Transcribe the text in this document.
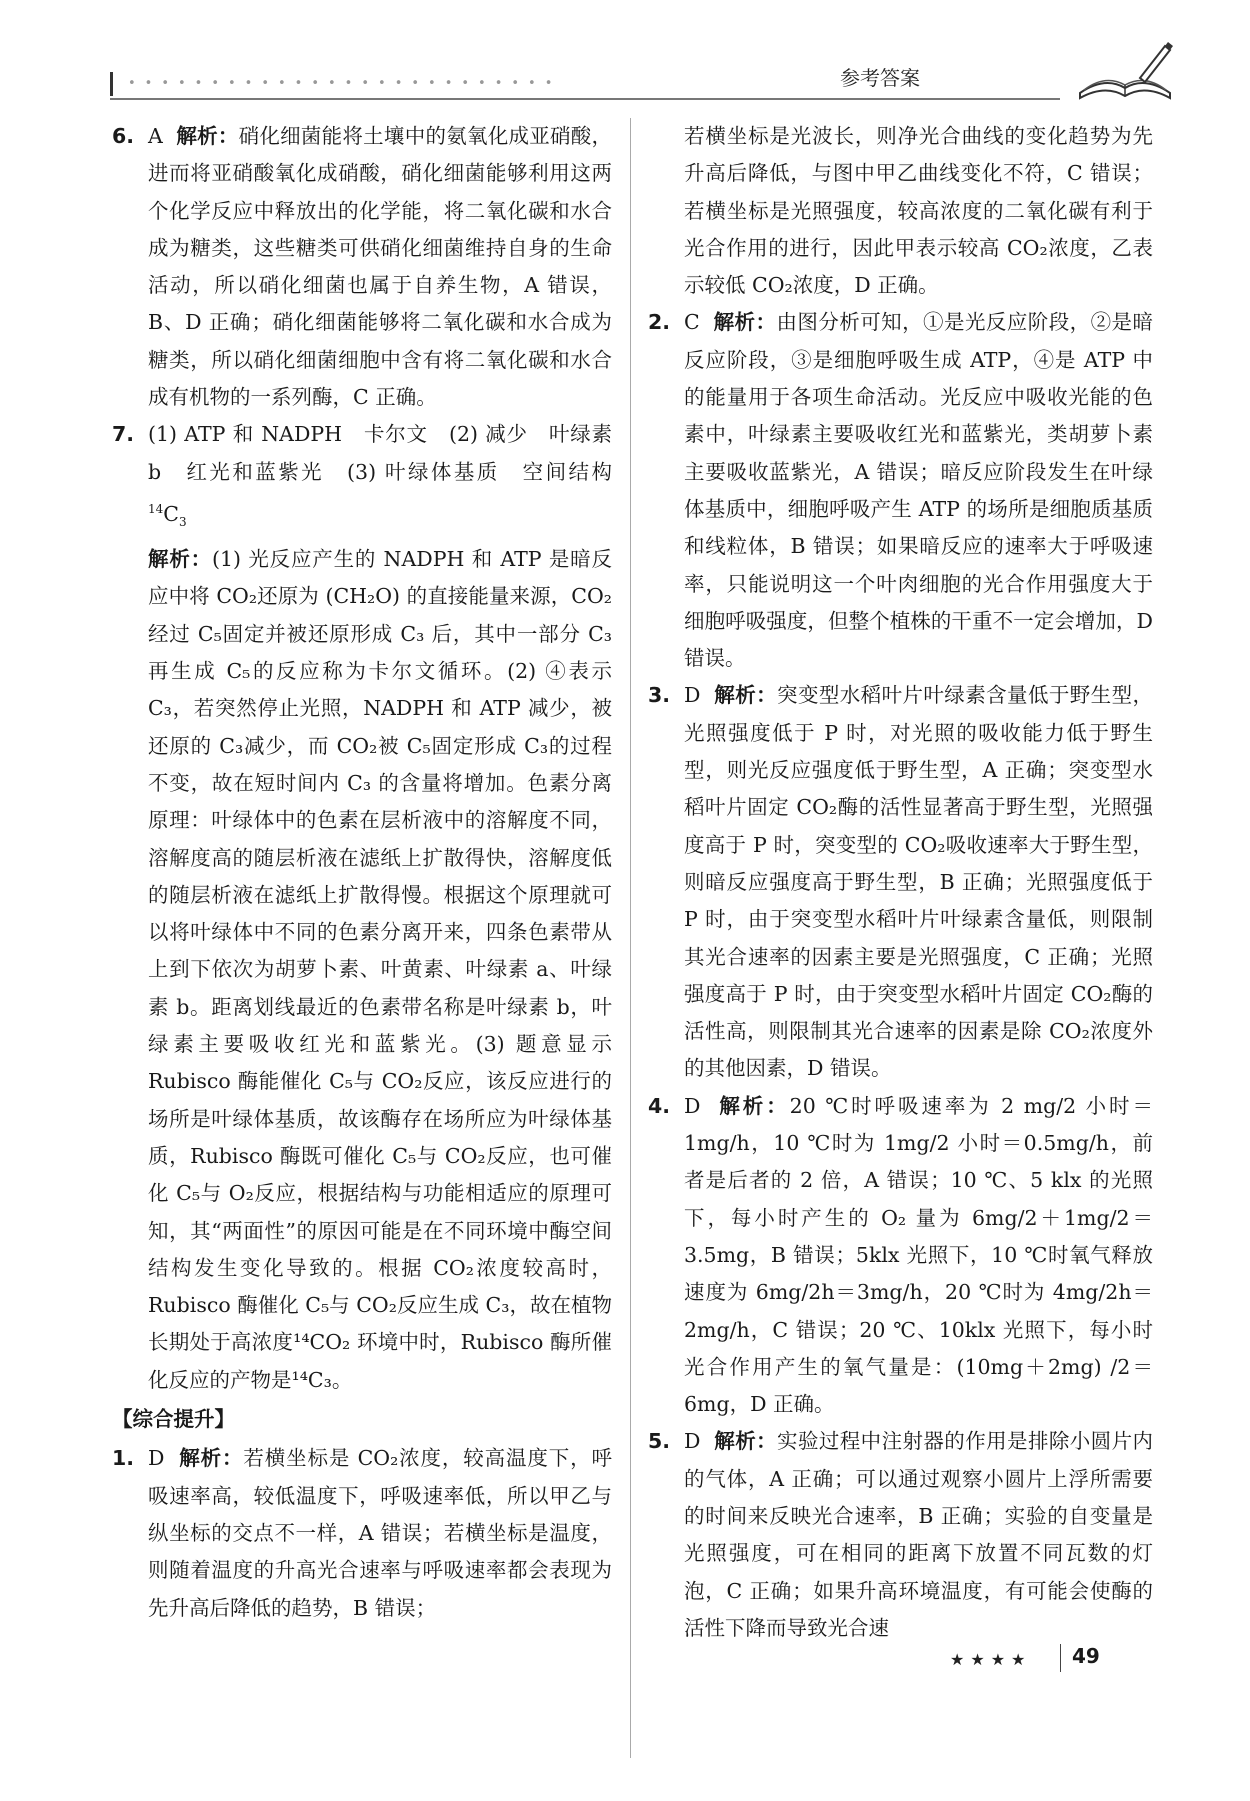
••••••••••••••••••••••••••	参考答案
6. A 解析：硝化细菌能将土壤中的氨氧化成亚硝酸，进而将亚硝酸氧化成硝酸，硝化细菌能够利用这两个化学反应中释放出的化学能，将二氧化碳和水合成为糖类，这些糖类可供硝化细菌维持自身的生命活动，所以硝化细菌也属于自养生物，A 错误，B、D 正确；硝化细菌能够将二氧化碳和水合成为糖类，所以硝化细菌细胞中含有将二氧化碳和水合成有机物的一系列酶，C 正确。

7. (1) ATP 和 NADPH　卡尔文　(2) 减少　叶绿素 b　红光和蓝紫光　(3) 叶绿体基质　空间结构　$^{14}C_3$

解析：(1) 光反应产生的 NADPH 和 ATP 是暗反应中将 CO₂还原为 (CH₂O) 的直接能量来源，CO₂经过 C₅固定并被还原形成 C₃ 后，其中一部分 C₃ 再生成 C₅的反应称为卡尔文循环。(2) ④表示 C₃，若突然停止光照，NADPH 和 ATP 减少，被还原的 C₃减少，而 CO₂被 C₅固定形成 C₃的过程不变，故在短时间内 C₃ 的含量将增加。色素分离原理：叶绿体中的色素在层析液中的溶解度不同，溶解度高的随层析液在滤纸上扩散得快，溶解度低的随层析液在滤纸上扩散得慢。根据这个原理就可以将叶绿体中不同的色素分离开来，四条色素带从上到下依次为胡萝卜素、叶黄素、叶绿素 a、叶绿素 b。距离划线最近的色素带名称是叶绿素 b，叶绿素主要吸收红光和蓝紫光。(3) 题意显示 Rubisco 酶能催化 C₅与 CO₂反应，该反应进行的场所是叶绿体基质，故该酶存在场所应为叶绿体基质，Rubisco 酶既可催化 C₅与 CO₂反应，也可催化 C₅与 O₂反应，根据结构与功能相适应的原理可知，其“两面性”的原因可能是在不同环境中酶空间结构发生变化导致的。根据 CO₂浓度较高时，Rubisco 酶催化 C₅与 CO₂反应生成 C₃，故在植物长期处于高浓度¹⁴CO₂ 环境中时，Rubisco 酶所催化反应的产物是¹⁴C₃。

【综合提升】
1. D 解析：若横坐标是 CO₂浓度，较高温度下，呼吸速率高，较低温度下，呼吸速率低，所以甲乙与纵坐标的交点不一样，A 错误；若横坐标是温度，则随着温度的升高光合速率与呼吸速率都会表现为先升高后降低的趋势，B 错误；

若横坐标是光波长，则净光合曲线的变化趋势为先升高后降低，与图中甲乙曲线变化不符，C 错误；若横坐标是光照强度，较高浓度的二氧化碳有利于光合作用的进行，因此甲表示较高 CO₂浓度，乙表示较低 CO₂浓度，D 正确。

2. C 解析：由图分析可知，①是光反应阶段，②是暗反应阶段，③是细胞呼吸生成 ATP，④是 ATP 中的能量用于各项生命活动。光反应中吸收光能的色素中，叶绿素主要吸收红光和蓝紫光，类胡萝卜素主要吸收蓝紫光，A 错误；暗反应阶段发生在叶绿体基质中，细胞呼吸产生 ATP 的场所是细胞质基质和线粒体，B 错误；如果暗反应的速率大于呼吸速率，只能说明这一个叶肉细胞的光合作用强度大于细胞呼吸强度，但整个植株的干重不一定会增加，D 错误。

3. D 解析：突变型水稻叶片叶绿素含量低于野生型，光照强度低于 P 时，对光照的吸收能力低于野生型，则光反应强度低于野生型，A 正确；突变型水稻叶片固定 CO₂酶的活性显著高于野生型，光照强度高于 P 时，突变型的 CO₂吸收速率大于野生型，则暗反应强度高于野生型，B 正确；光照强度低于 P 时，由于突变型水稻叶片叶绿素含量低，则限制其光合速率的因素主要是光照强度，C 正确；光照强度高于 P 时，由于突变型水稻叶片固定 CO₂酶的活性高，则限制其光合速率的因素是除 CO₂浓度外的其他因素，D 错误。

4. D 解析：20 ℃时呼吸速率为 2 mg/2 小时＝1mg/h，10 ℃时为 1mg/2 小时＝0.5mg/h，前者是后者的 2 倍，A 错误；10 ℃、5 klx 的光照下，每小时产生的 O₂ 量为 6mg/2＋1mg/2＝3.5mg，B 错误；5klx 光照下，10 ℃时氧气释放速度为 6mg/2h＝3mg/h，20 ℃时为 4mg/2h＝2mg/h，C 错误；20 ℃、10klx 光照下，每小时光合作用产生的氧气量是：(10mg＋2mg) /2＝6mg，D 正确。

5. D 解析：实验过程中注射器的作用是排除小圆片内的气体，A 正确；可以通过观察小圆片上浮所需要的时间来反映光合速率，B 正确；实验的自变量是光照强度，可在相同的距离下放置不同瓦数的灯泡，C 正确；如果升高环境温度，有可能会使酶的活性下降而导致光合速

★★★★ 49
